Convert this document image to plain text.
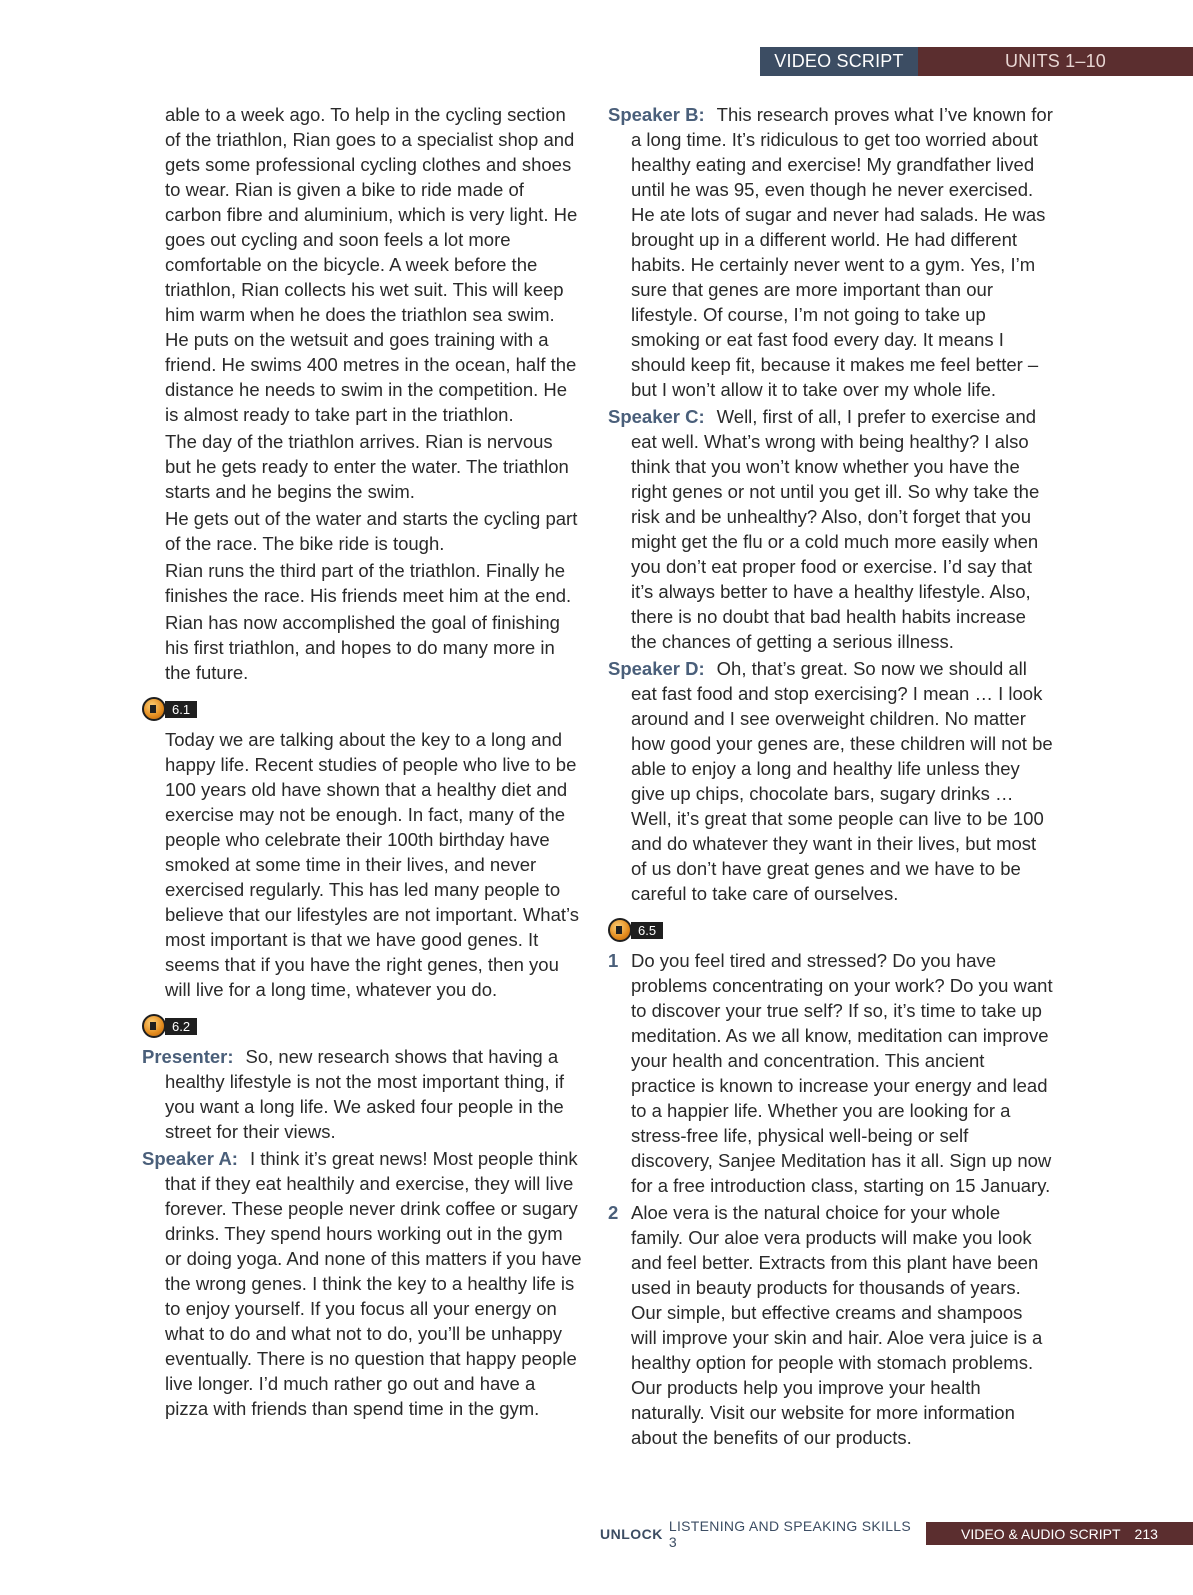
VIDEO SCRIPT	UNITS 1–10

able to a week ago. To help in the cycling section of the triathlon, Rian goes to a specialist shop and gets some professional cycling clothes and shoes to wear. Rian is given a bike to ride made of carbon fibre and aluminium, which is very light. He goes out cycling and soon feels a lot more comfortable on the bicycle. A week before the triathlon, Rian collects his wet suit. This will keep him warm when he does the triathlon sea swim. He puts on the wetsuit and goes training with a friend. He swims 400 metres in the ocean, half the distance he needs to swim in the competition. He is almost ready to take part in the triathlon.

The day of the triathlon arrives. Rian is nervous but he gets ready to enter the water. The triathlon starts and he begins the swim.

He gets out of the water and starts the cycling part of the race. The bike ride is tough.

Rian runs the third part of the triathlon. Finally he finishes the race. His friends meet him at the end.

Rian has now accomplished the goal of finishing his first triathlon, and hopes to do many more in the future.

6.1

Today we are talking about the key to a long and happy life. Recent studies of people who live to be 100 years old have shown that a healthy diet and exercise may not be enough. In fact, many of the people who celebrate their 100th birthday have smoked at some time in their lives, and never exercised regularly. This has led many people to believe that our lifestyles are not important. What’s most important is that we have good genes. It seems that if you have the right genes, then you will live for a long time, whatever you do.

6.2

Presenter: So, new research shows that having a healthy lifestyle is not the most important thing, if you want a long life. We asked four people in the street for their views.

Speaker A: I think it’s great news! Most people think that if they eat healthily and exercise, they will live forever. These people never drink coffee or sugary drinks. They spend hours working out in the gym or doing yoga. And none of this matters if you have the wrong genes. I think the key to a healthy life is to enjoy yourself. If you focus all your energy on what to do and what not to do, you’ll be unhappy eventually. There is no question that happy people live longer. I’d much rather go out and have a pizza with friends than spend time in the gym.

Speaker B: This research proves what I’ve known for a long time. It’s ridiculous to get too worried about healthy eating and exercise! My grandfather lived until he was 95, even though he never exercised. He ate lots of sugar and never had salads. He was brought up in a different world. He had different habits. He certainly never went to a gym. Yes, I’m sure that genes are more important than our lifestyle. Of course, I’m not going to take up smoking or eat fast food every day. It means I should keep fit, because it makes me feel better – but I won’t allow it to take over my whole life.

Speaker C: Well, first of all, I prefer to exercise and eat well. What’s wrong with being healthy? I also think that you won’t know whether you have the right genes or not until you get ill. So why take the risk and be unhealthy? Also, don’t forget that you might get the flu or a cold much more easily when you don’t eat proper food or exercise. I’d say that it’s always better to have a healthy lifestyle. Also, there is no doubt that bad health habits increase the chances of getting a serious illness.

Speaker D: Oh, that’s great. So now we should all eat fast food and stop exercising? I mean … I look around and I see overweight children. No matter how good your genes are, these children will not be able to enjoy a long and healthy life unless they give up chips, chocolate bars, sugary drinks … Well, it’s great that some people can live to be 100 and do whatever they want in their lives, but most of us don’t have great genes and we have to be careful to take care of ourselves.

6.5
1 Do you feel tired and stressed? Do you have problems concentrating on your work? Do you want to discover your true self? If so, it’s time to take up meditation. As we all know, meditation can improve your health and concentration. This ancient practice is known to increase your energy and lead to a happier life. Whether you are looking for a stress-free life, physical well-being or self discovery, Sanjee Meditation has it all. Sign up now for a free introduction class, starting on 15 January.
2 Aloe vera is the natural choice for your whole family. Our aloe vera products will make you look and feel better. Extracts from this plant have been used in beauty products for thousands of years. Our simple, but effective creams and shampoos will improve your skin and hair. Aloe vera juice is a healthy option for people with stomach problems. Our products help you improve your health naturally. Visit our website for more information about the benefits of our products.
UNLOCK LISTENING AND SPEAKING SKILLS 3	VIDEO & AUDIO SCRIPT 213
